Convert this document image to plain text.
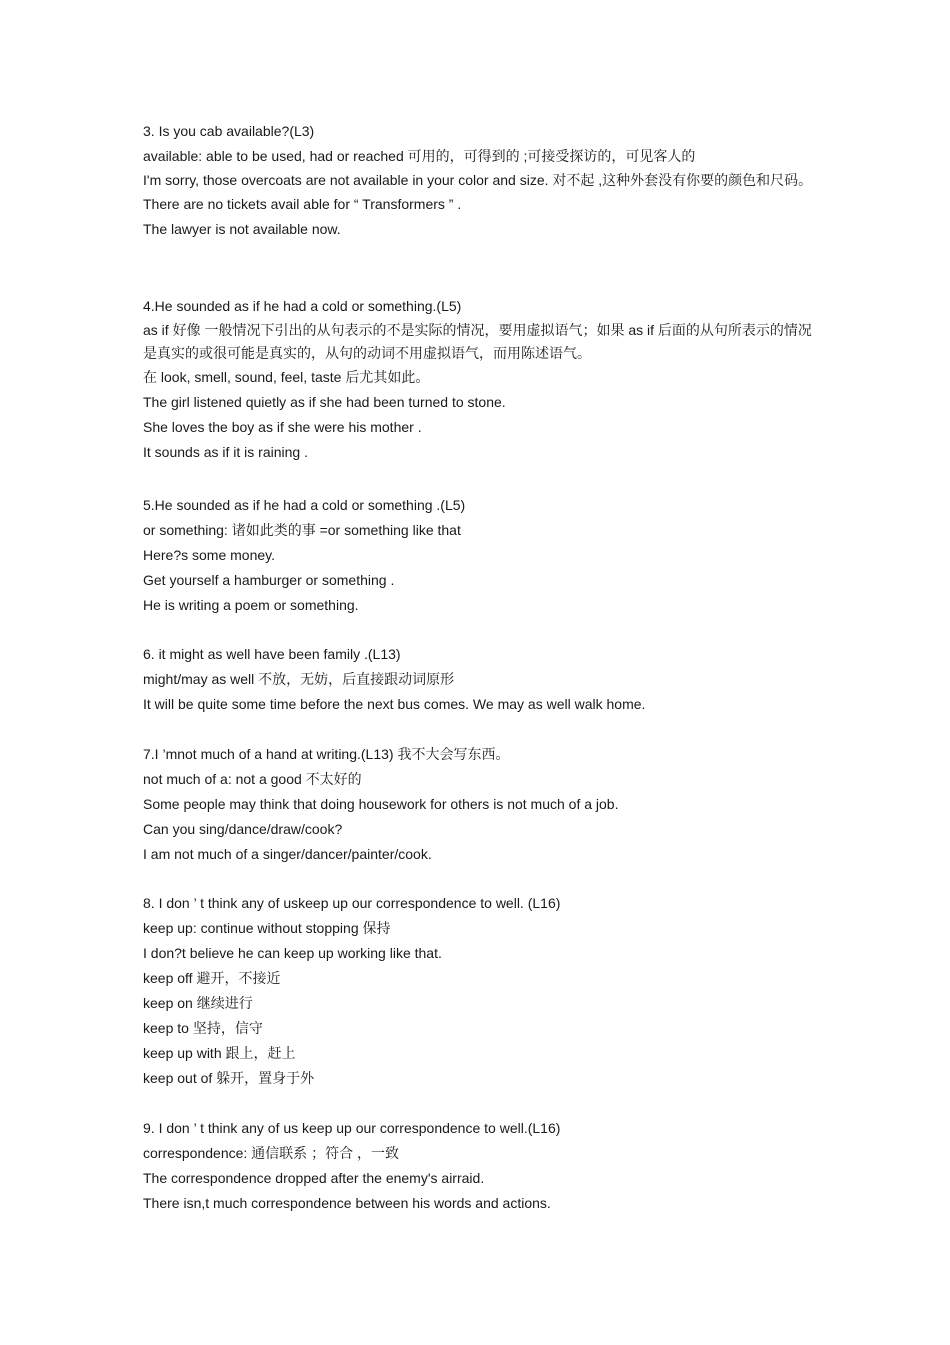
3. Is you cab available?(L3)
available: able to be used, had or reached 可用的，可得到的 ;可接受探访的，可见客人的
I'm sorry, those overcoats are not available in your color and size. 对不起 ,这种外套没有你要的颜色和尺码。
There are no tickets avail able for “ Transformers ” .
The lawyer is not available now.
4.He sounded as if he had a cold or something.(L5)
as if 好像 一般情况下引出的从句表示的不是实际的情况，要用虚拟语气；如果 as if 后面的从句所表示的情况是真实的或很可能是真实的，从句的动词不用虚拟语气，而用陈述语气。
在 look, smell, sound, feel, taste 后尤其如此。
The girl listened quietly as if she had been turned to stone.
She loves the boy as if she were his mother .
It sounds as if it is raining .
5.He sounded as if he had a cold or something .(L5)
or something: 诸如此类的事 =or something like that
Here?s some money.
Get yourself a hamburger or something .
He is writing a poem or something.
6. it might as well have been family .(L13)
might/may as well 不放，无妨，后直接跟动词原形
It will be quite some time before the next bus comes. We may as well walk home.
7.I ’mnot much of a hand at writing.(L13) 我不大会写东西。
not much of a: not a good 不太好的
Some people may think that doing housework for others is not much of a job.
Can you sing/dance/draw/cook?
I am not much of a singer/dancer/painter/cook.
8. I don ’ t think any of uskeep up our correspondence to well. (L16)
keep up: continue without stopping 保持
I don?t believe he can keep up working like that.
keep off 避开，不接近
keep on 继续进行
keep to 坚持，信守
keep up with 跟上，赶上
keep out of 躲开，置身于外
9. I don ’ t think any of us keep up our correspondence to well.(L16)
correspondence: 通信联系 ；符合 ，一致
The correspondence dropped after the enemy's airraid.
There isn,t much correspondence between his words and actions.
